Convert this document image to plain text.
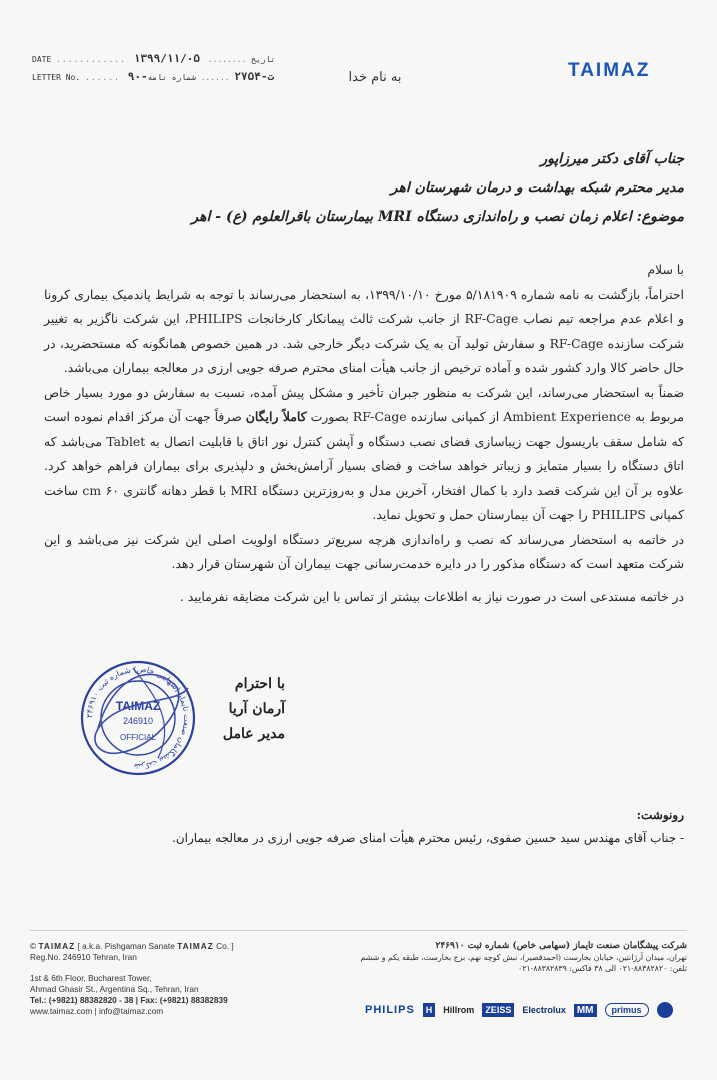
DATE ............ ۱۳۹۹/۱۱/۰۵ ........ تاریخ
LETTER No. ...... ۹۰-ت-۲۷۵۴ ...... شماره نامه	به نام خدا	TAIMAZ
جناب آقای دکتر میرزاپور
مدیر محترم شبکه بهداشت و درمان شهرستان اهر
موضوع: اعلام زمان نصب و راه‌اندازی دستگاه MRI بیمارستان باقرالعلوم (ع) - اهر

با سلام

احتراماً، بازگشت به نامه شماره ۵/۱۸۱۹۰۹ مورخ ۱۳۹۹/۱۰/۱۰، به استحضار می‌رساند با توجه به شرایط پاندمیک بیماری کرونا و اعلام عدم مراجعه تیم نصاب RF-Cage از جانب شرکت ثالث پیمانکار کارخانجات PHILIPS، این شرکت ناگزیر به تغییر شرکت سازنده RF-Cage و سفارش تولید آن به یک شرکت دیگر خارجی شد. در همین خصوص همانگونه که مستحضرید، در حال حاضر کالا وارد کشور شده و آماده ترخیص از جانب هیأت امنای محترم صرفه جویی ارزی در معالجه بیماران می‌باشد.

ضمناً به استحضار می‌رساند، این شرکت به منظور جبران تأخیر و مشکل پیش آمده، نسبت به سفارش دو مورد بسیار خاص مربوط به Ambient Experience از کمپانی سازنده RF-Cage بصورت کاملاً رایگان صرفاً جهت آن مرکز اقدام نموده است که شامل سقف باریسول جهت زیباسازی فضای نصب دستگاه و آپشن کنترل نور اتاق با قابلیت اتصال به Tablet می‌باشد که اتاق دستگاه را بسیار متمایز و زیباتر خواهد ساخت و فضای بسیار آرامش‌بخش و دلپذیری برای بیماران فراهم خواهد کرد. علاوه بر آن این شرکت قصد دارد با کمال افتخار، آخرین مدل و به‌روزترین دستگاه MRI با قطر دهانه گانتری ۶۰ cm ساخت کمپانی PHILIPS را جهت آن بیمارستان حمل و تحویل نماید.

در خاتمه به استحضار می‌رساند که نصب و راه‌اندازی هرچه سریع‌تر دستگاه اولویت اصلی این شرکت نیز می‌باشد و این شرکت متعهد است که دستگاه مذکور را در دایره خدمت‌رسانی جهت بیماران آن شهرستان قرار دهد.

در خاتمه مستدعی است در صورت نیاز به اطلاعات بیشتر از تماس با این شرکت مضایقه نفرمایید .

با احترام
آرمان آریا
مدیر عامل
شرکت پیشگامان صنعت تایماز (سهامی خاص) شماره ثبت ۲۴۶۹۱۰
TAIMAZ
246910
OFFICIAL
رونوشت:
- جناب آقای مهندس سید حسین صفوی، رئیس محترم هیأت امنای صرفه جویی ارزی در معالجه بیماران.
© TAIMAZ [ a.k.a. Pishgaman Sanate TAIMAZ Co. ]
Reg.No. 246910 Tehran, Iran
1st & 6th Floor, Bucharest Tower,
Ahmad Ghasir St., Argentina Sq., Tehran, Iran
Tel.: (+9821) 88382820 - 38 | Fax: (+9821) 88382839
www.taimaz.com | info@taimaz.com
شرکت پیشگامان صنعت تایماز (سهامی خاص) شماره ثبت ۲۴۶۹۱۰
تهران، میدان آرژانتین، خیابان بخارست (احمدقصیر)، نبش کوچه نهم، برج بخارست، طبقه یکم و ششم
تلفن: ۸۸۳۸۲۸۲۰-۰۲۱ الی ۳۸ فاکس: ۸۸۳۸۲۸۳۹-۰۲۱
PHILIPS	H	Hillrom	ZEISS	Electrolux	MM	primus
